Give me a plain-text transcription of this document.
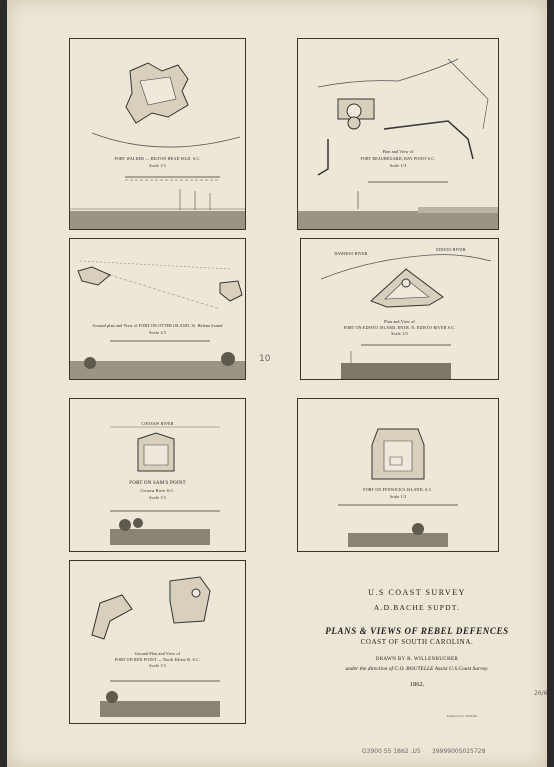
FORT WALKER — HILTON HEAD ISLD. S.C.
Scale 1/3
Plan and View of
FORT BEAUREGARD, BAY POINT S.C.
Scale 1/3
Ground plan and View of FORT ON OTTER ISLAND, St. Helena Sound
Scale 1/3
DAWHOO RIVER
EDISTO RIVER
Plan and View of
FORT ON EDISTO ISLAND, ENTR. N. EDISTO RIVER S.C.
Scale 1/3
COOSAW RIVER
FORT ON SAM'S POINT
Coosaw River S.C.
Scale 1/3
FORT ON FENWICK'S ISLAND, S.C.
Scale 1/3
Ground Plan and View of
FORT ON RED POINT — North Edisto R. S.C.
Scale 1/3
U.S COAST SURVEY
A.D.BACHE SUPDT.
PLANS & VIEWS OF REBEL DEFENCES
COAST OF SOUTH CAROLINA.
DRAWN BY R. WILLENBUCHER
under the direction of C.O. BOUTELLE Assist U.S.Coast Survey.
1862.
Engraved by J. Enthoffer.
10
26/6
G3900 S5 1862 .U5 39999005025728
